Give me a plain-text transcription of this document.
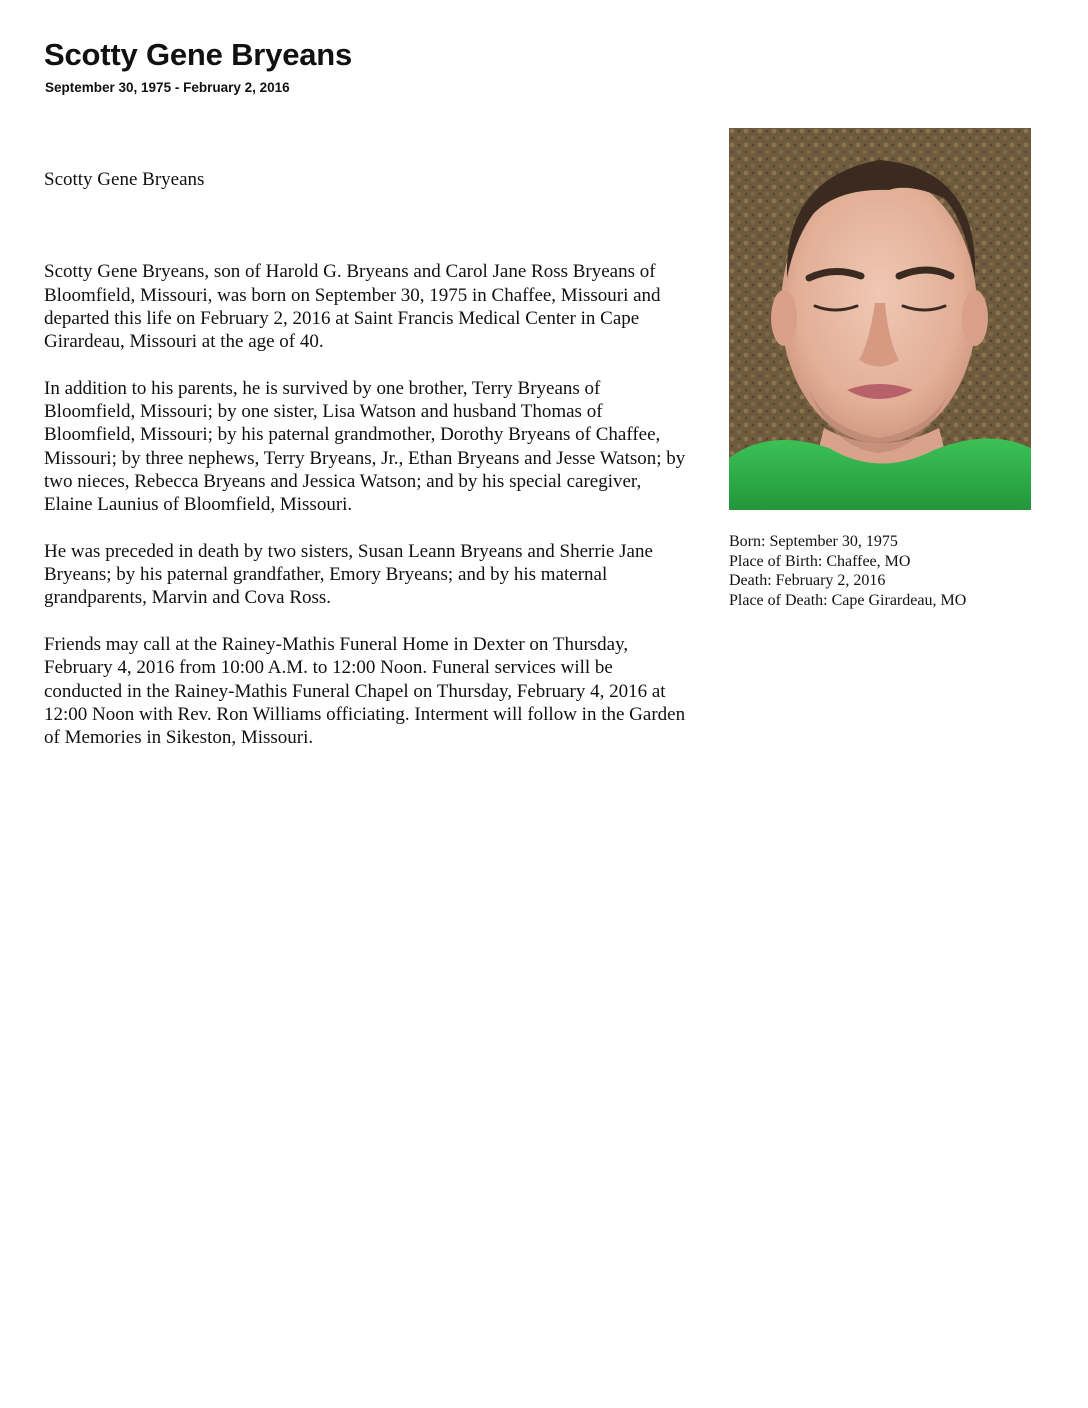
Scotty Gene Bryeans
September 30, 1975 - February 2, 2016

Scotty Gene Bryeans

Scotty Gene Bryeans, son of Harold G. Bryeans and Carol Jane Ross Bryeans of Bloomfield, Missouri, was born on September 30, 1975 in Chaffee, Missouri and departed this life on February 2, 2016 at Saint Francis Medical Center in Cape Girardeau, Missouri at the age of 40.

In addition to his parents, he is survived by one brother, Terry Bryeans of Bloomfield, Missouri; by one sister, Lisa Watson and husband Thomas of Bloomfield, Missouri; by his paternal grandmother, Dorothy Bryeans of Chaffee, Missouri; by three nephews, Terry Bryeans, Jr., Ethan Bryeans and Jesse Watson; by two nieces, Rebecca Bryeans and Jessica Watson; and by his special caregiver, Elaine Launius of Bloomfield, Missouri.

He was preceded in death by two sisters, Susan Leann Bryeans and Sherrie Jane Bryeans; by his paternal grandfather, Emory Bryeans; and by his maternal grandparents, Marvin and Cova Ross.

Friends may call at the Rainey-Mathis Funeral Home in Dexter on Thursday, February 4, 2016 from 10:00 A.M. to 12:00 Noon. Funeral services will be conducted in the Rainey-Mathis Funeral Chapel on Thursday, February 4, 2016 at 12:00 Noon with Rev. Ron Williams officiating. Interment will follow in the Garden of Memories in Sikeston, Missouri.

Born: September 30, 1975
Place of Birth: Chaffee, MO
Death: February 2, 2016
Place of Death: Cape Girardeau, MO
